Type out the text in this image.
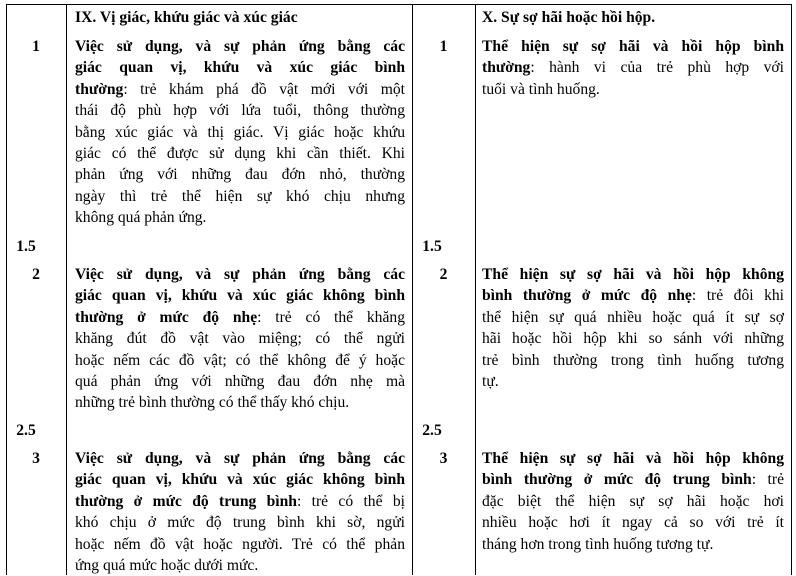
IX. Vị giác, khứu giác và xúc giác
1
1.5
2
2.5
3
Việc sử dụng, và sự phản ứng bằng các
giác quan vị, khứu và xúc giác bình
thường: trẻ khám phá đồ vật mới với một
thái độ phù hợp với lứa tuổi, thông thường
bằng xúc giác và thị giác. Vị giác hoặc khứu
giác có thể được sử dụng khi cần thiết. Khi
phản ứng với những đau đớn nhỏ, thường
ngày thì trẻ thể hiện sự khó chịu nhưng
không quá phản ứng.
Việc sử dụng, và sự phản ứng bằng các
giác quan vị, khứu và xúc giác không bình
thường ở mức độ nhẹ: trẻ có thể khăng
khăng đút đồ vật vào miệng; có thể ngửi
hoặc nếm các đồ vật; có thể không để ý hoặc
quá phản ứng với những đau đớn nhẹ mà
những trẻ bình thường có thể thấy khó chịu.
Việc sử dụng, và sự phản ứng bằng các
giác quan vị, khứu và xúc giác không bình
thường ở mức độ trung bình: trẻ có thể bị
khó chịu ở mức độ trung bình khi sờ, ngửi
hoặc nếm đồ vật hoặc người. Trẻ có thể phản
ứng quá mức hoặc dưới mức.
X. Sự sợ hãi hoặc hồi hộp.
1
1.5
2
2.5
3
Thể hiện sự sợ hãi và hồi hộp bình
thường: hành vi của trẻ phù hợp với
tuổi và tình huống.
Thể hiện sự sợ hãi và hồi hộp không
bình thường ở mức độ nhẹ: trẻ đôi khi
thể hiện sự quá nhiều hoặc quá ít sự sợ
hãi hoặc hồi hộp khi so sánh với những
trẻ bình thường trong tình huống tương
tự.
Thể hiện sự sợ hãi và hồi hộp không
bình thường ở mức độ trung bình: trẻ
đặc biệt thể hiện sự sợ hãi hoặc hơi
nhiều hoặc hơi ít ngay cả so với trẻ ít
tháng hơn trong tình huống tương tự.
